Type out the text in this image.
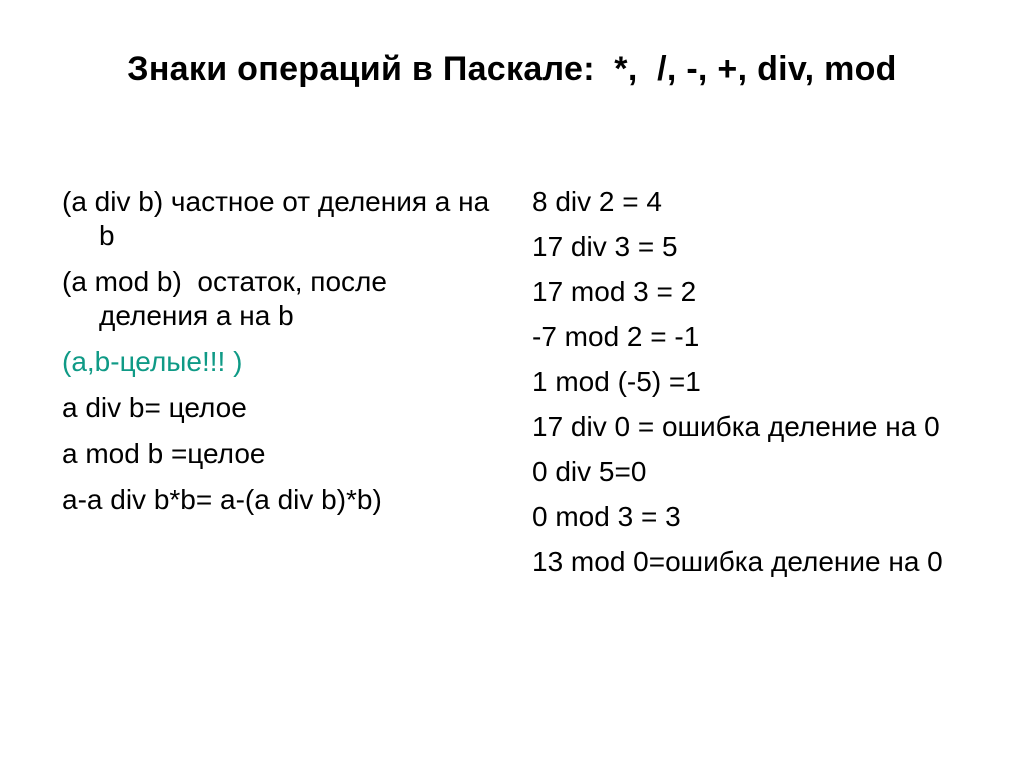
Знаки операций в Паскале:  *,  /, -, +, div, mod
(a div b) частное от деления а на b
(a mod b)  остаток, после деления а на b
(а,b-целые!!! )
a div b= целое
a mod b =целое
a-a div b*b= a-(a div b)*b)
8 div 2 = 4
17 div 3 = 5
17 mod 3 = 2
-7 mod 2 = -1
1 mod (-5) =1
17 div 0 = ошибка деление на 0
0 div 5=0
0 mod 3 = 3
13 mod 0=ошибка деление на 0
